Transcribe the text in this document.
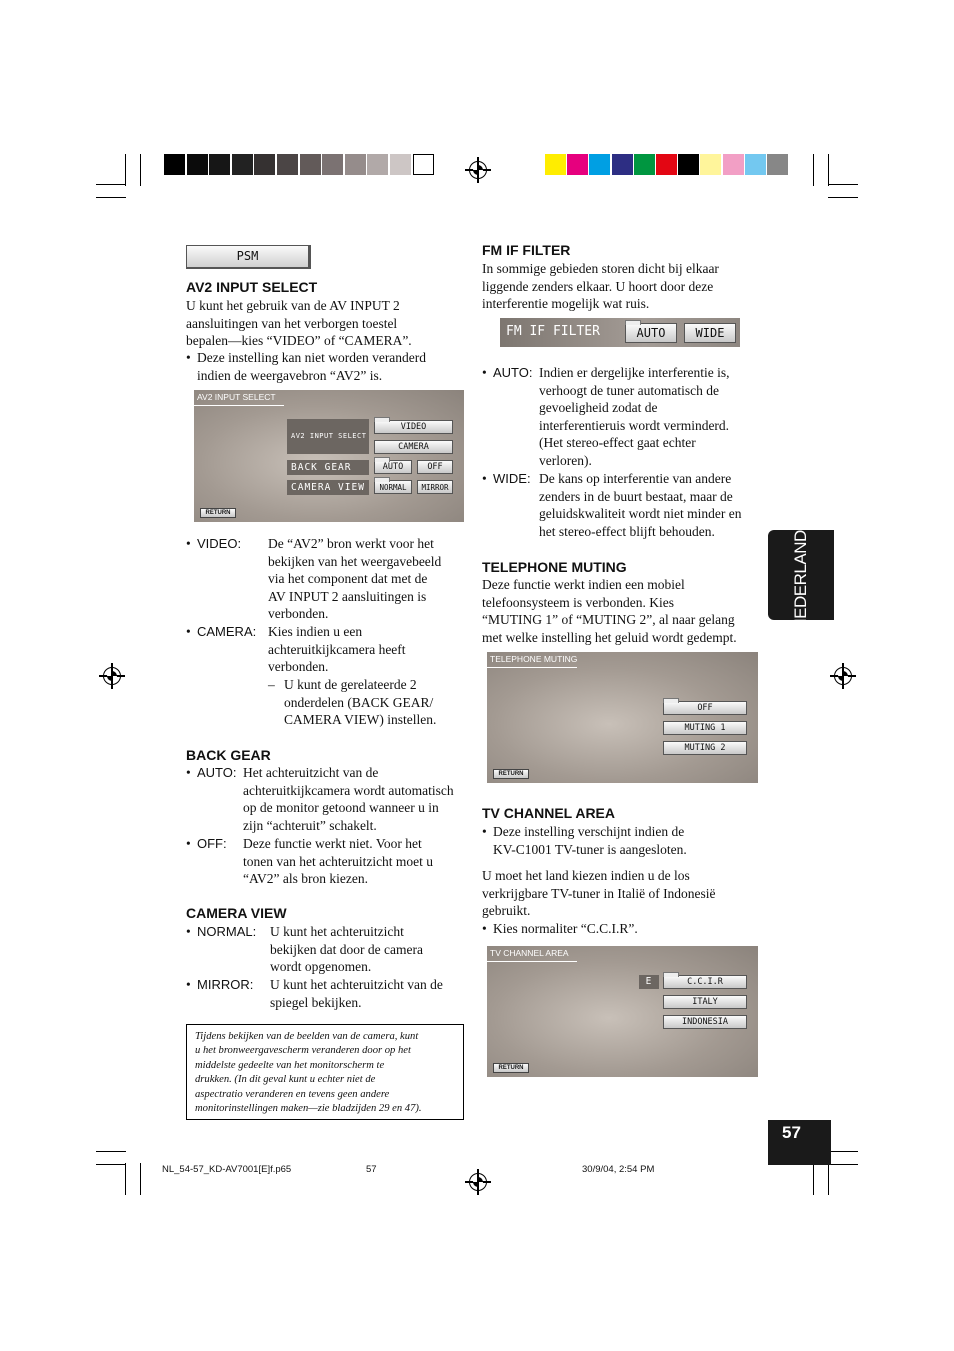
PSM
AV2 INPUT SELECT
U kunt het gebruik van de AV INPUT 2
aansluitingen van het verborgen toestel
bepalen—kies “VIDEO” of “CAMERA”.
• Deze instelling kan niet worden veranderd
indien de weergavebron “AV2” is.
AV2 INPUT SELECT
AV2 INPUT SELECT
VIDEO
CAMERA
BACK GEAR	AUTO	OFF
CAMERA VIEW	NORMAL	MIRROR
RETURN
• VIDEO: De “AV2” bron werkt voor het
bekijken van het weergavebeeld
via het component dat met de
AV INPUT 2 aansluitingen is
verbonden.
• CAMERA: Kies indien u een
achteruitkijkcamera heeft
verbonden.
– U kunt de gerelateerde 2
onderdelen (BACK GEAR/
CAMERA VIEW) instellen.
BACK GEAR
• AUTO: Het achteruitzicht van de
achteruitkijkcamera wordt automatisch
op de monitor getoond wanneer u in
zijn “achteruit” schakelt.
• OFF: Deze functie werkt niet. Voor het
tonen van het achteruitzicht moet u
“AV2” als bron kiezen.
CAMERA VIEW
• NORMAL: U kunt het achteruitzicht
bekijken dat door de camera
wordt opgenomen.
• MIRROR: U kunt het achteruitzicht van de
spiegel bekijken.
Tijdens bekijken van de beelden van de camera, kunt
u het bronweergavescherm veranderen door op het
middelste gedeelte van het monitorscherm te
drukken. (In dit geval kunt u echter niet de
aspectratio veranderen en tevens geen andere
monitorinstellingen maken—zie bladzijden 29 en 47).
FM IF FILTER
In sommige gebieden storen dicht bij elkaar
liggende zenders elkaar. U hoort door deze
interferentie mogelijk wat ruis.
FM IF FILTER	AUTO	WIDE
• AUTO: Indien er dergelijke interferentie is,
verhoogt de tuner automatisch de
gevoeligheid zodat de
interferentieruis wordt verminderd.
(Het stereo-effect gaat echter
verloren).
• WIDE: De kans op interferentie van andere
zenders in de buurt bestaat, maar de
geluidskwaliteit wordt niet minder en
het stereo-effect blijft behouden.
TELEPHONE MUTING
Deze functie werkt indien een mobiel
telefoonsysteem is verbonden. Kies
“MUTING 1” of “MUTING 2”, al naar gelang
met welke instelling het geluid wordt gedempt.
TELEPHONE MUTING
OFF
MUTING 1
MUTING 2
RETURN
TV CHANNEL AREA
• Deze instelling verschijnt indien de
KV-C1001 TV-tuner is aangesloten.
U moet het land kiezen indien u de los
verkrijgbare TV-tuner in Italië of Indonesië
gebruikt.
• Kies normaliter “C.C.I.R”.
TV CHANNEL AREA
E	C.C.I.R
ITALY
INDONESIA
RETURN
NEDERLANDS
57
NL_54-57_KD-AV7001[E]f.p65	57	30/9/04, 2:54 PM
